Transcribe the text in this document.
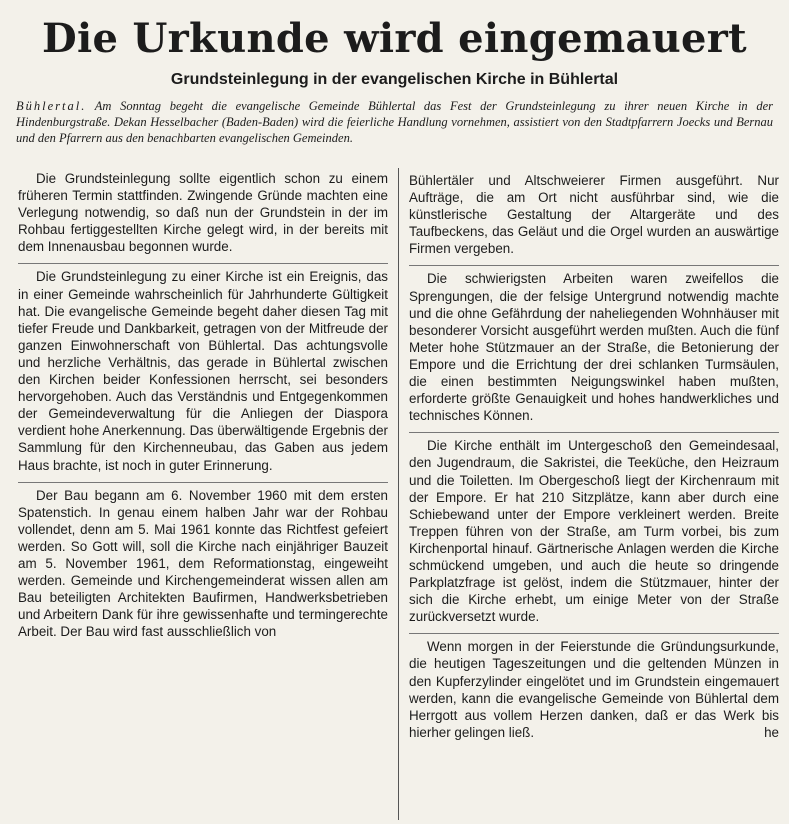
Die Urkunde wird eingemauert
Grundsteinlegung in der evangelischen Kirche in Bühlertal

Bühlertal. Am Sonntag begeht die evangelische Gemeinde Bühlertal das Fest der Grundsteinlegung zu ihrer neuen Kirche in der Hindenburgstraße. Dekan Hesselbacher (Baden-Baden) wird die feierliche Handlung vornehmen, assistiert von den Stadtpfarrern Joecks und Bernau und den Pfarrern aus den benachbarten evangelischen Gemeinden.

Die Grundsteinlegung sollte eigentlich schon zu einem früheren Termin stattfinden. Zwingende Gründe machten eine Verlegung notwendig, so daß nun der Grundstein in der im Rohbau fertiggestellten Kirche gelegt wird, in der bereits mit dem Innenausbau begonnen wurde.

Die Grundsteinlegung zu einer Kirche ist ein Ereignis, das in einer Gemeinde wahrscheinlich für Jahrhunderte Gültigkeit hat. Die evangelische Gemeinde begeht daher diesen Tag mit tiefer Freude und Dankbarkeit, getragen von der Mitfreude der ganzen Einwohnerschaft von Bühlertal. Das achtungsvolle und herzliche Verhältnis, das gerade in Bühlertal zwischen den Kirchen beider Konfessionen herrscht, sei besonders hervorgehoben. Auch das Verständnis und Entgegenkommen der Gemeindeverwaltung für die Anliegen der Diaspora verdient hohe Anerkennung. Das überwältigende Ergebnis der Sammlung für den Kirchenneubau, das Gaben aus jedem Haus brachte, ist noch in guter Erinnerung.

Der Bau begann am 6. November 1960 mit dem ersten Spatenstich. In genau einem halben Jahr war der Rohbau vollendet, denn am 5. Mai 1961 konnte das Richtfest gefeiert werden. So Gott will, soll die Kirche nach einjähriger Bauzeit am 5. November 1961, dem Reformationstag, eingeweiht werden. Gemeinde und Kirchengemeinderat wissen allen am Bau beteiligten Architekten Baufirmen, Handwerksbetrieben und Arbeitern Dank für ihre gewissenhafte und termingerechte Arbeit. Der Bau wird fast ausschließlich von

Bühlertäler und Altschweierer Firmen ausgeführt. Nur Aufträge, die am Ort nicht ausführbar sind, wie die künstlerische Gestaltung der Altargeräte und des Taufbeckens, das Geläut und die Orgel wurden an auswärtige Firmen vergeben.

Die schwierigsten Arbeiten waren zweifellos die Sprengungen, die der felsige Untergrund notwendig machte und die ohne Gefährdung der naheliegenden Wohnhäuser mit besonderer Vorsicht ausgeführt werden mußten. Auch die fünf Meter hohe Stützmauer an der Straße, die Betonierung der Empore und die Errichtung der drei schlanken Turmsäulen, die einen bestimmten Neigungswinkel haben mußten, erforderte größte Genauigkeit und hohes handwerkliches und technisches Können.

Die Kirche enthält im Untergeschoß den Gemeindesaal, den Jugendraum, die Sakristei, die Teeküche, den Heizraum und die Toiletten. Im Obergeschoß liegt der Kirchenraum mit der Empore. Er hat 210 Sitzplätze, kann aber durch eine Schiebewand unter der Empore verkleinert werden. Breite Treppen führen von der Straße, am Turm vorbei, bis zum Kirchenportal hinauf. Gärtnerische Anlagen werden die Kirche schmückend umgeben, und auch die heute so dringende Parkplatzfrage ist gelöst, indem die Stützmauer, hinter der sich die Kirche erhebt, um einige Meter von der Straße zurückversetzt wurde.

Wenn morgen in der Feierstunde die Gründungsurkunde, die heutigen Tageszeitungen und die geltenden Münzen in den Kupferzylinder eingelötet und im Grundstein eingemauert werden, kann die evangelische Gemeinde von Bühlertal dem Herrgott aus vollem Herzen danken, daß er das Werk bis hierher gelingen ließ.	he
